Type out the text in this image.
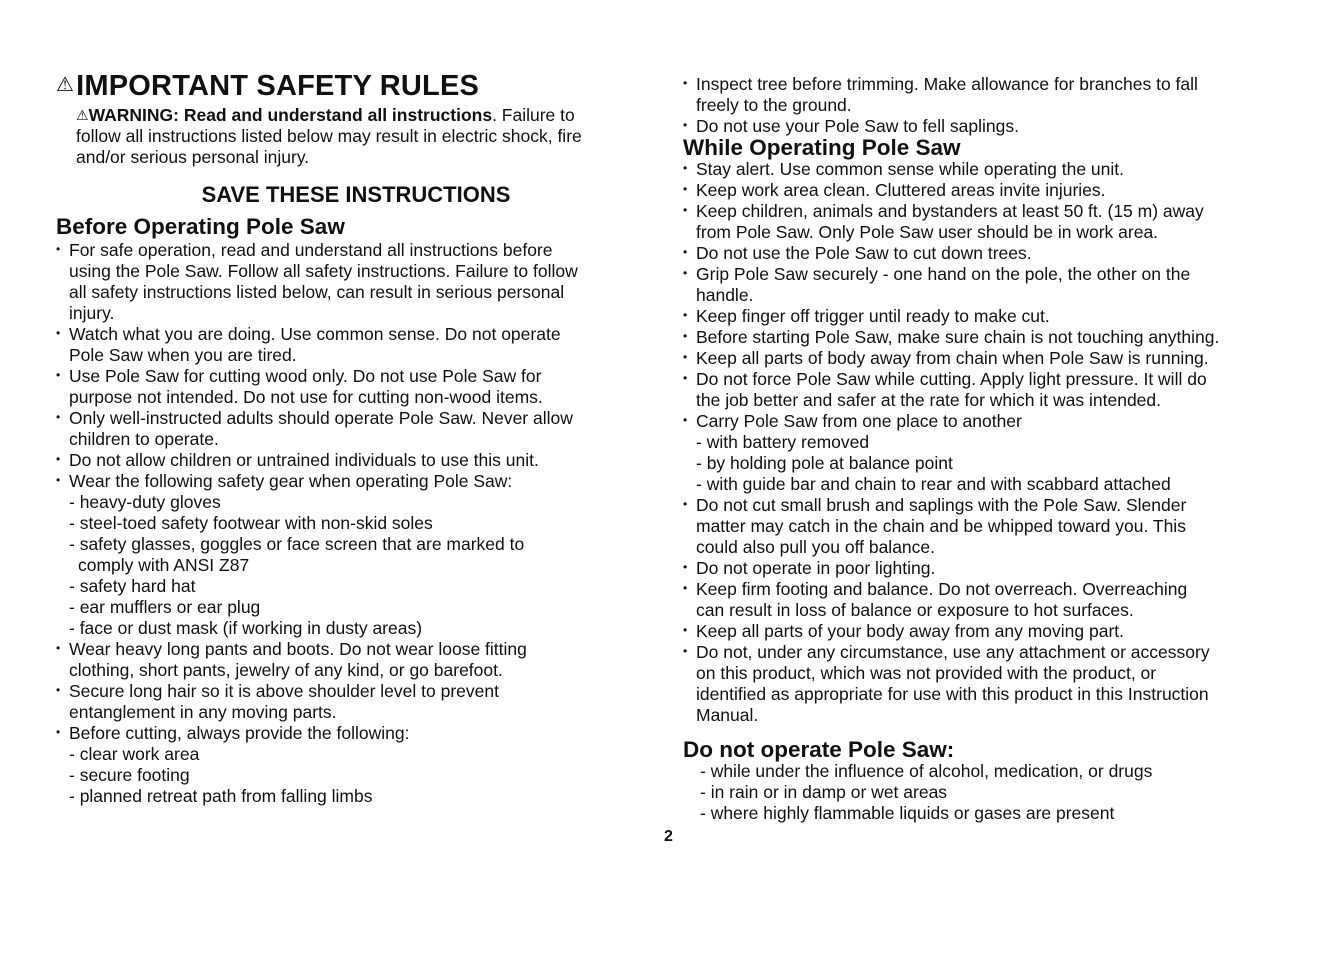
⚠IMPORTANT SAFETY RULES
⚠WARNING: Read and understand all instructions. Failure to
follow all instructions listed below may result in electric shock, fire
and/or serious personal injury.
SAVE THESE INSTRUCTIONS
Before Operating Pole Saw
• For safe operation, read and understand all instructions before
using the Pole Saw. Follow all safety instructions. Failure to follow
all safety instructions listed below, can result in serious personal
injury.
• Watch what you are doing. Use common sense. Do not operate
Pole Saw when you are tired.
• Use Pole Saw for cutting wood only. Do not use Pole Saw for
purpose not intended. Do not use for cutting non-wood items.
• Only well-instructed adults should operate Pole Saw. Never allow
children to operate.
• Do not allow children or untrained individuals to use this unit.
• Wear the following safety gear when operating Pole Saw:
- heavy-duty gloves
- steel-toed safety footwear with non-skid soles
- safety glasses, goggles or face screen that are marked to
comply with ANSI Z87
- safety hard hat
- ear mufflers or ear plug
- face or dust mask (if working in dusty areas)
• Wear heavy long pants and boots. Do not wear loose fitting
clothing, short pants, jewelry of any kind, or go barefoot.
• Secure long hair so it is above shoulder level to prevent
entanglement in any moving parts.
• Before cutting, always provide the following:
- clear work area
- secure footing
- planned retreat path from falling limbs
• Inspect tree before trimming. Make allowance for branches to fall
freely to the ground.
• Do not use your Pole Saw to fell saplings.
While Operating Pole Saw
• Stay alert. Use common sense while operating the unit.
• Keep work area clean. Cluttered areas invite injuries.
• Keep children, animals and bystanders at least 50 ft. (15 m) away
from Pole Saw. Only Pole Saw user should be in work area.
• Do not use the Pole Saw to cut down trees.
• Grip Pole Saw securely - one hand on the pole, the other on the
handle.
• Keep finger off trigger until ready to make cut.
• Before starting Pole Saw, make sure chain is not touching anything.
• Keep all parts of body away from chain when Pole Saw is running.
• Do not force Pole Saw while cutting. Apply light pressure. It will do
the job better and safer at the rate for which it was intended.
• Carry Pole Saw from one place to another
- with battery removed
- by holding pole at balance point
- with guide bar and chain to rear and with scabbard attached
• Do not cut small brush and saplings with the Pole Saw. Slender
matter may catch in the chain and be whipped toward you. This
could also pull you off balance.
• Do not operate in poor lighting.
• Keep firm footing and balance. Do not overreach. Overreaching
can result in loss of balance or exposure to hot surfaces.
• Keep all parts of your body away from any moving part.
• Do not, under any circumstance, use any attachment or accessory
on this product, which was not provided with the product, or
identified as appropriate for use with this product in this Instruction
Manual.
Do not operate Pole Saw:
- while under the influence of alcohol, medication, or drugs
- in rain or in damp or wet areas
- where highly flammable liquids or gases are present
2
